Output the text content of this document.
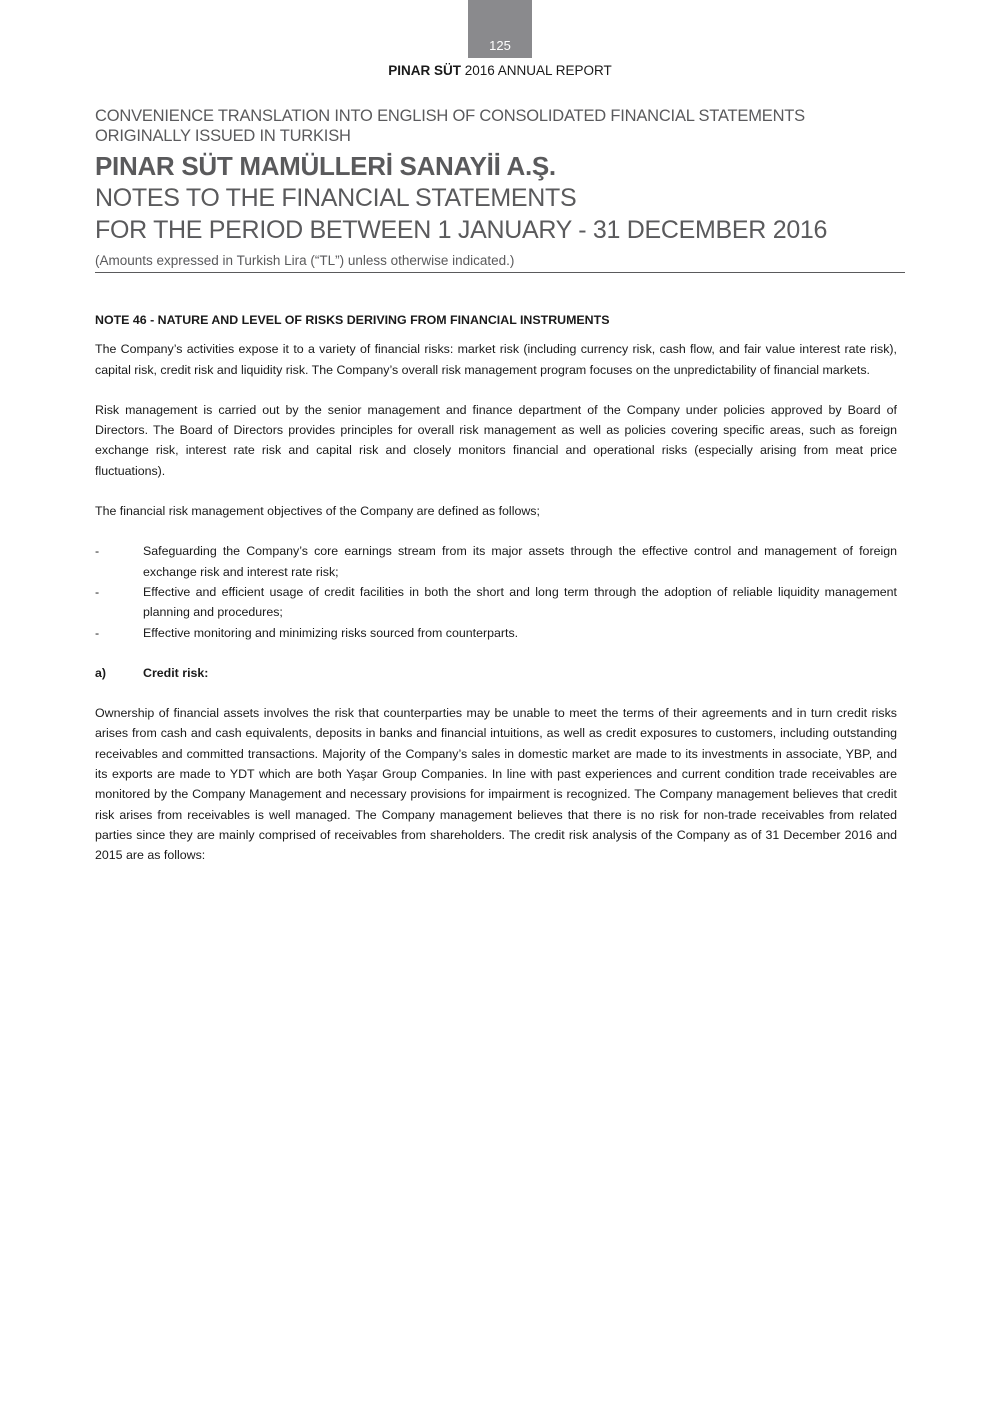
125
PINAR SÜT 2016 ANNUAL REPORT
CONVENIENCE TRANSLATION INTO ENGLISH OF CONSOLIDATED FINANCIAL STATEMENTS
ORIGINALLY ISSUED IN TURKISH
PINAR SÜT MAMÜLLERİ SANAYİİ A.Ş.
NOTES TO THE FINANCIAL STATEMENTS
FOR THE PERIOD BETWEEN 1 JANUARY - 31 DECEMBER 2016
(Amounts expressed in Turkish Lira (“TL”) unless otherwise indicated.)
NOTE 46 - NATURE AND LEVEL OF RISKS DERIVING FROM FINANCIAL INSTRUMENTS

The Company’s activities expose it to a variety of financial risks: market risk (including currency risk, cash flow, and fair value interest rate risk), capital risk, credit risk and liquidity risk. The Company’s overall risk management program focuses on the unpredictability of financial markets.

Risk management is carried out by the senior management and finance department of the Company under policies approved by Board of Directors. The Board of Directors provides principles for overall risk management as well as policies covering specific areas, such as foreign exchange risk, interest rate risk and capital risk and closely monitors financial and operational risks (especially arising from meat price fluctuations).

The financial risk management objectives of the Company are defined as follows;

-	Safeguarding the Company’s core earnings stream from its major assets through the effective control and management of foreign exchange risk and interest rate risk;
-	Effective and efficient usage of credit facilities in both the short and long term through the adoption of reliable liquidity management planning and procedures;
-	Effective monitoring and minimizing risks sourced from counterparts.
a)	Credit risk:

Ownership of financial assets involves the risk that counterparties may be unable to meet the terms of their agreements and in turn credit risks arises from cash and cash equivalents, deposits in banks and financial intuitions, as well as credit exposures to customers, including outstanding receivables and committed transactions. Majority of the Company’s sales in domestic market are made to its investments in associate, YBP, and its exports are made to YDT which are both Yaşar Group Companies. In line with past experiences and current condition trade receivables are monitored by the Company Management and necessary provisions for impairment is recognized. The Company management believes that credit risk arises from receivables is well managed. The Company management believes that there is no risk for non-trade receivables from related parties since they are mainly comprised of receivables from shareholders. The credit risk analysis of the Company as of 31 December 2016 and 2015 are as follows:
